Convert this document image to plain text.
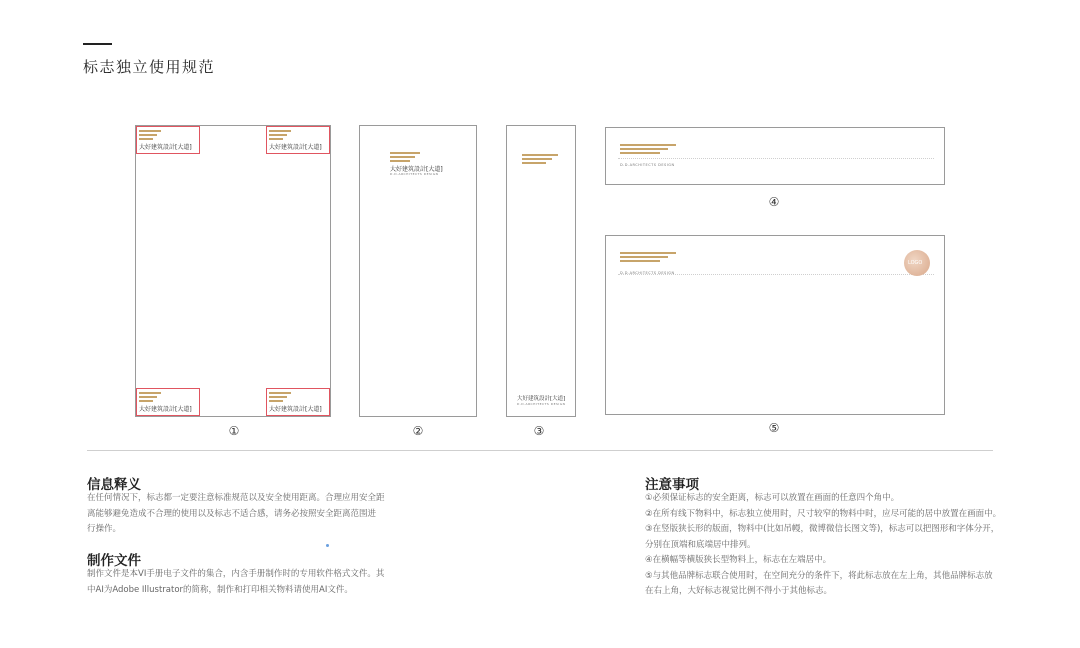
标志独立使用规范
大好建筑設計[大道]	大好建筑設計[大道]
大好建筑設計[大道]	大好建筑設計[大道]
①
大好建筑設計[大道]
D.D.ARCHITECTS DESIGN
②
大好建筑設計[大道]
D.D.ARCHITECTS DESIGN
③
D.D.ARCHITECTS DESIGN
④
D.D.ARCHITECTS DESIGN
LOGO
⑤
信息释义

在任何情况下，标志都一定要注意标准规范以及安全使用距离。合理应用安全距

离能够避免造成不合理的使用以及标志不适合感，请务必按照安全距离范围进

行操作。

制作文件

制作文件是本VI手册电子文件的集合，内含手册制作时的专用软件格式文件。其

中AI为Adobe Illustrator的简称，制作和打印相关物料请使用AI文件。

注意事项

①必须保证标志的安全距离，标志可以放置在画面的任意四个角中。

②在所有线下物料中，标志独立使用时，尺寸较窄的物料中时，应尽可能的居中放置在画面中。

③在竖版狭长形的版面，物料中(比如吊幔，微博微信长图文等)，标志可以把图形和字体分开，

分别在顶端和底端居中排列。

④在横幅等横版狭长型物料上，标志在左端居中。

⑤与其他品牌标志联合使用时，在空间充分的条件下，将此标志放在左上角，其他品牌标志放

在右上角，大好标志视觉比例不得小于其他标志。
